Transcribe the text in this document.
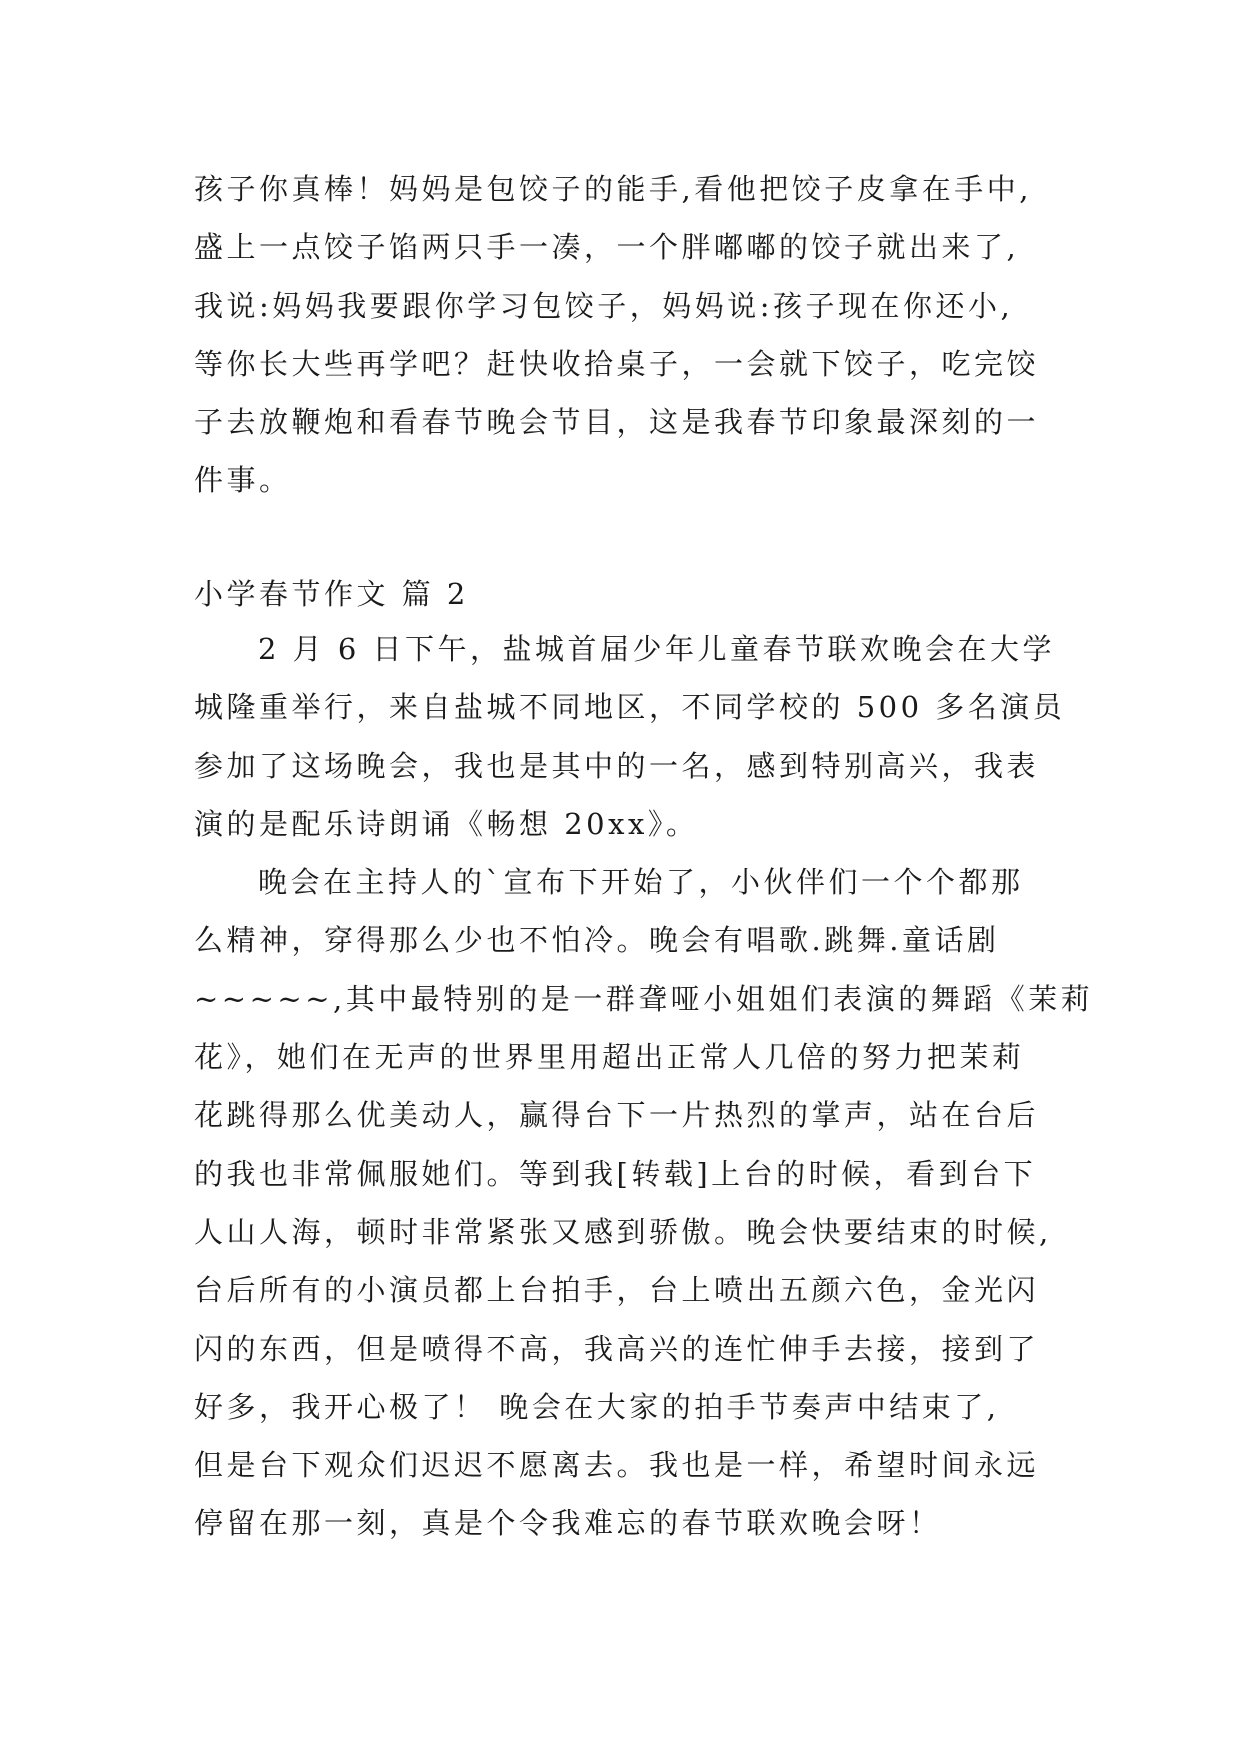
孩子你真棒！妈妈是包饺子的能手,看他把饺子皮拿在手中,
盛上一点饺子馅两只手一凑，一个胖嘟嘟的饺子就出来了,
我说:妈妈我要跟你学习包饺子，妈妈说:孩子现在你还小,
等你长大些再学吧？赶快收拾桌子，一会就下饺子，吃完饺
子去放鞭炮和看春节晚会节目，这是我春节印象最深刻的一
件事。
小学春节作文 篇 2
2 月 6 日下午，盐城首届少年儿童春节联欢晚会在大学
城隆重举行，来自盐城不同地区，不同学校的 500 多名演员
参加了这场晚会，我也是其中的一名，感到特别高兴，我表
演的是配乐诗朗诵《畅想 20xx》。
晚会在主持人的`宣布下开始了，小伙伴们一个个都那
么精神，穿得那么少也不怕冷。晚会有唱歌.跳舞.童话剧
~~~~~,其中最特别的是一群聋哑小姐姐们表演的舞蹈《茉莉
花》，她们在无声的世界里用超出正常人几倍的努力把茉莉
花跳得那么优美动人，赢得台下一片热烈的掌声，站在台后
的我也非常佩服她们。等到我[转载]上台的时候，看到台下
人山人海，顿时非常紧张又感到骄傲。晚会快要结束的时候,
台后所有的小演员都上台拍手，台上喷出五颜六色，金光闪
闪的东西，但是喷得不高，我高兴的连忙伸手去接，接到了
好多，我开心极了！ 晚会在大家的拍手节奏声中结束了,
但是台下观众们迟迟不愿离去。我也是一样，希望时间永远
停留在那一刻，真是个令我难忘的春节联欢晚会呀！
